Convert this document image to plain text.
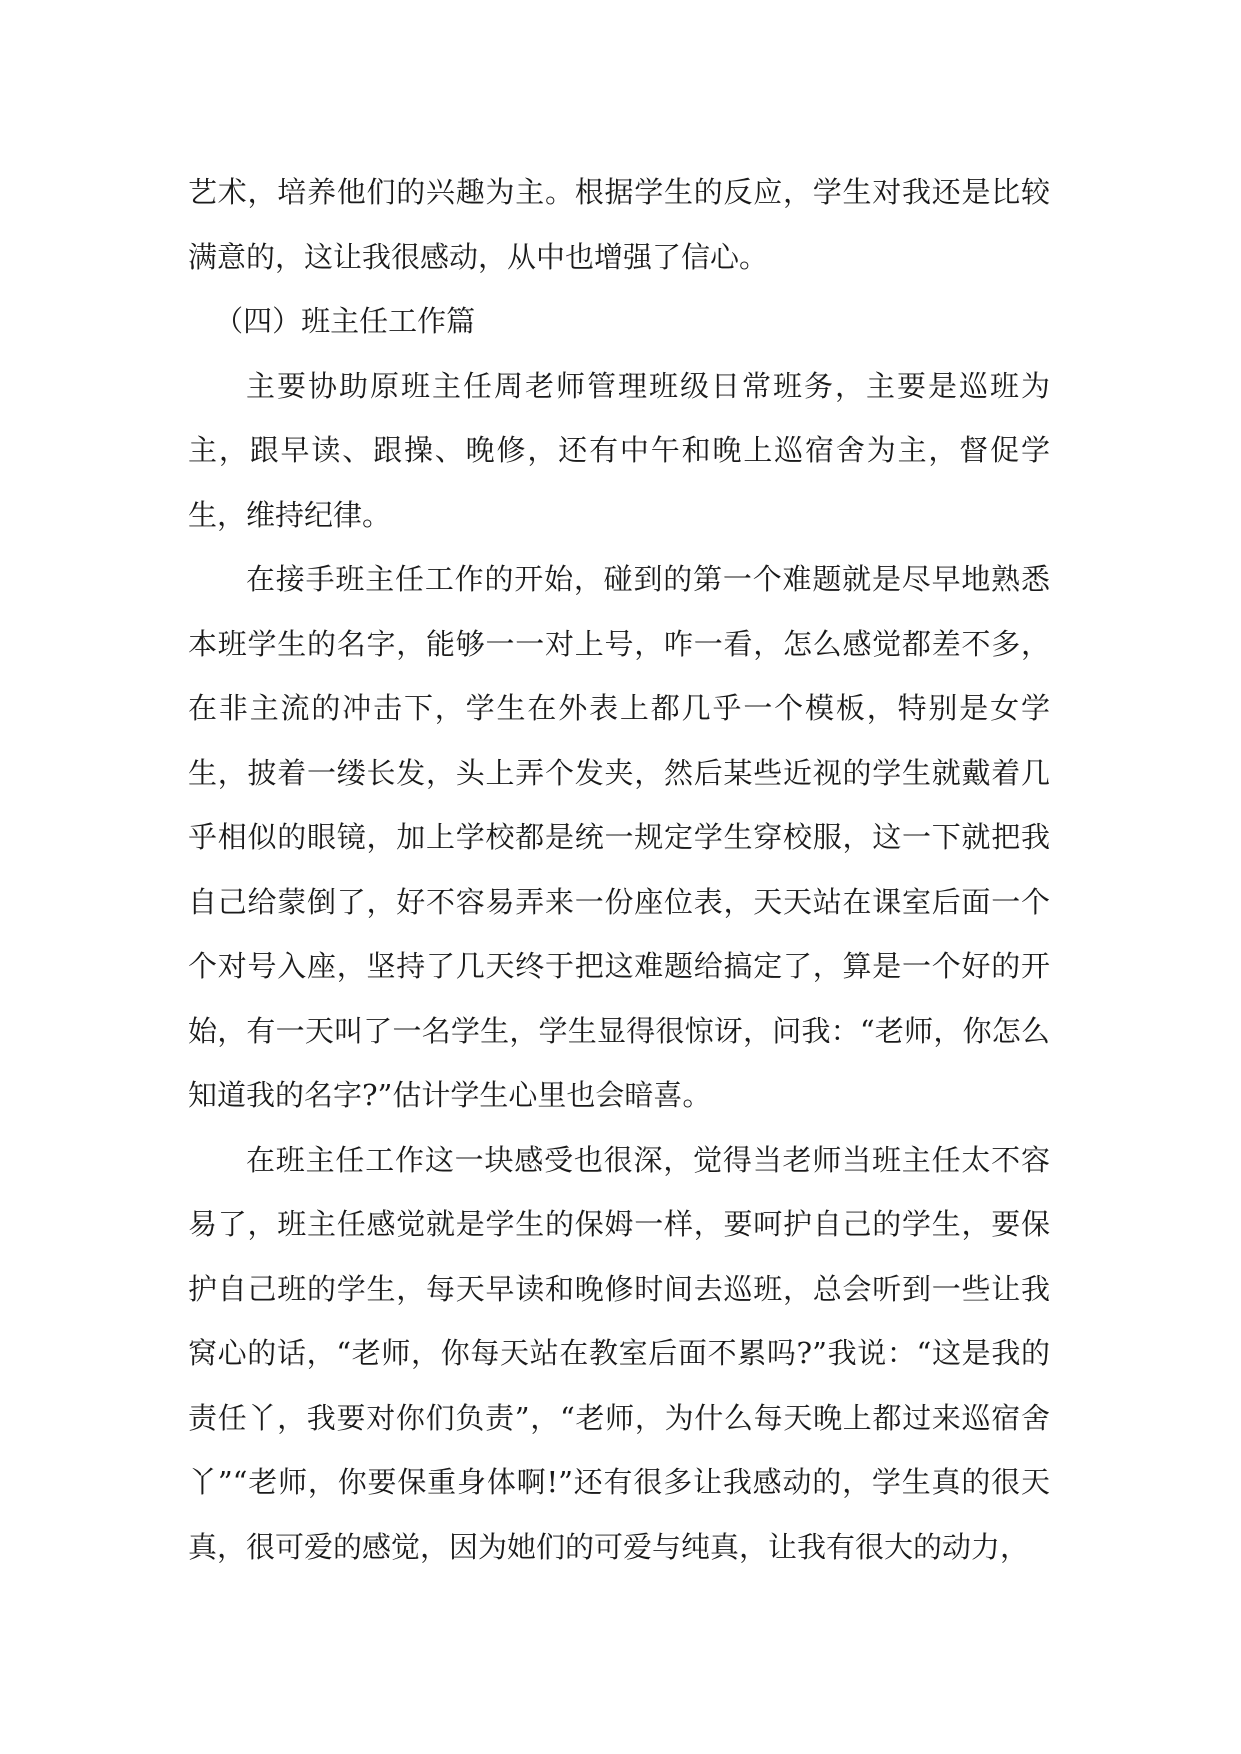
艺术，培养他们的兴趣为主。根据学生的反应，学生对我还是比较满意的，这让我很感动，从中也增强了信心。

（四）班主任工作篇

主要协助原班主任周老师管理班级日常班务，主要是巡班为主，跟早读、跟操、晚修，还有中午和晚上巡宿舍为主，督促学生，维持纪律。

在接手班主任工作的开始，碰到的第一个难题就是尽早地熟悉本班学生的名字，能够一一对上号，咋一看，怎么感觉都差不多，在非主流的冲击下，学生在外表上都几乎一个模板，特别是女学生，披着一缕长发，头上弄个发夹，然后某些近视的学生就戴着几乎相似的眼镜，加上学校都是统一规定学生穿校服，这一下就把我自己给蒙倒了，好不容易弄来一份座位表，天天站在课室后面一个个对号入座，坚持了几天终于把这难题给搞定了，算是一个好的开始，有一天叫了一名学生，学生显得很惊讶，问我：“老师，你怎么知道我的名字?”估计学生心里也会暗喜。

在班主任工作这一块感受也很深，觉得当老师当班主任太不容易了，班主任感觉就是学生的保姆一样，要呵护自己的学生，要保护自己班的学生，每天早读和晚修时间去巡班，总会听到一些让我窝心的话，“老师，你每天站在教室后面不累吗?”我说：“这是我的责任丫，我要对你们负责”，“老师，为什么每天晚上都过来巡宿舍丫”“老师，你要保重身体啊!”还有很多让我感动的，学生真的很天真，很可爱的感觉，因为她们的可爱与纯真，让我有很大的动力，
